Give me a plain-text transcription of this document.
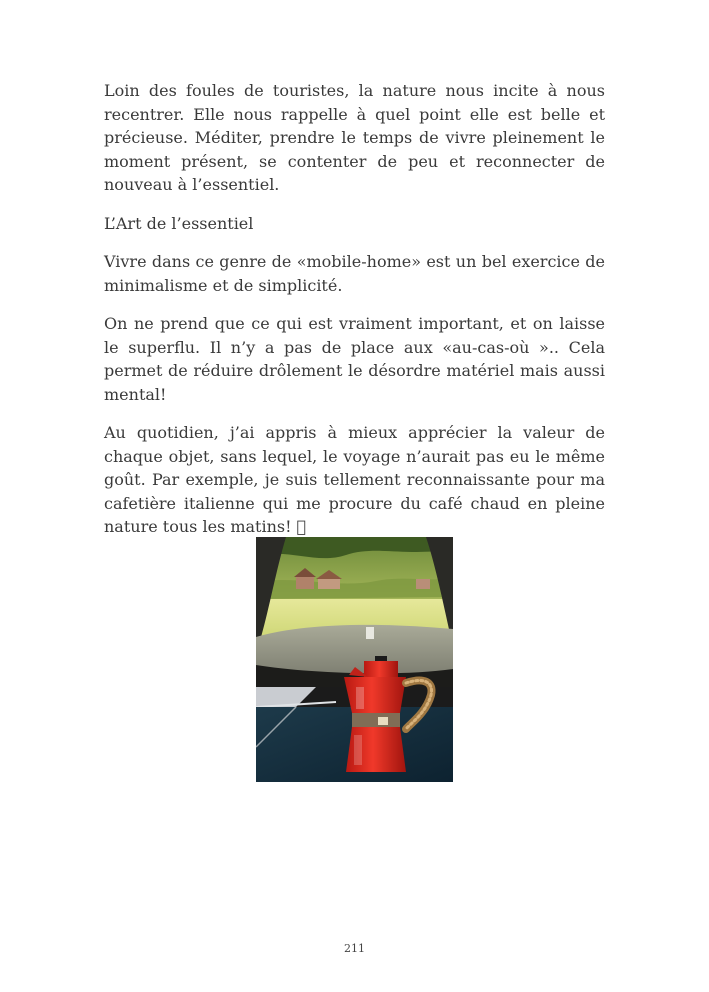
Loin des foules de touristes, la nature nous incite à nous recentrer. Elle nous rappelle à quel point elle est belle et précieuse. Méditer, prendre le temps de vivre pleinement le moment présent, se contenter de peu et reconnecter de nouveau à l’essentiel.

L’Art de l’essentiel

Vivre dans ce genre de «mobile-home» est un bel exercice de minimalisme et de simplicité.

On ne prend que ce qui est vraiment important, et on laisse le superflu. Il n’y a pas de place aux «au-cas-où ».. Cela permet de réduire drôlement le désordre matériel mais aussi mental!

Au quotidien, j’ai appris à mieux apprécier la valeur de chaque objet, sans lequel, le voyage n’aurait pas eu le même goût. Par exemple, je suis tellement reconnaissante pour ma cafetière italienne qui me procure du café chaud en pleine nature tous les matins!

211
